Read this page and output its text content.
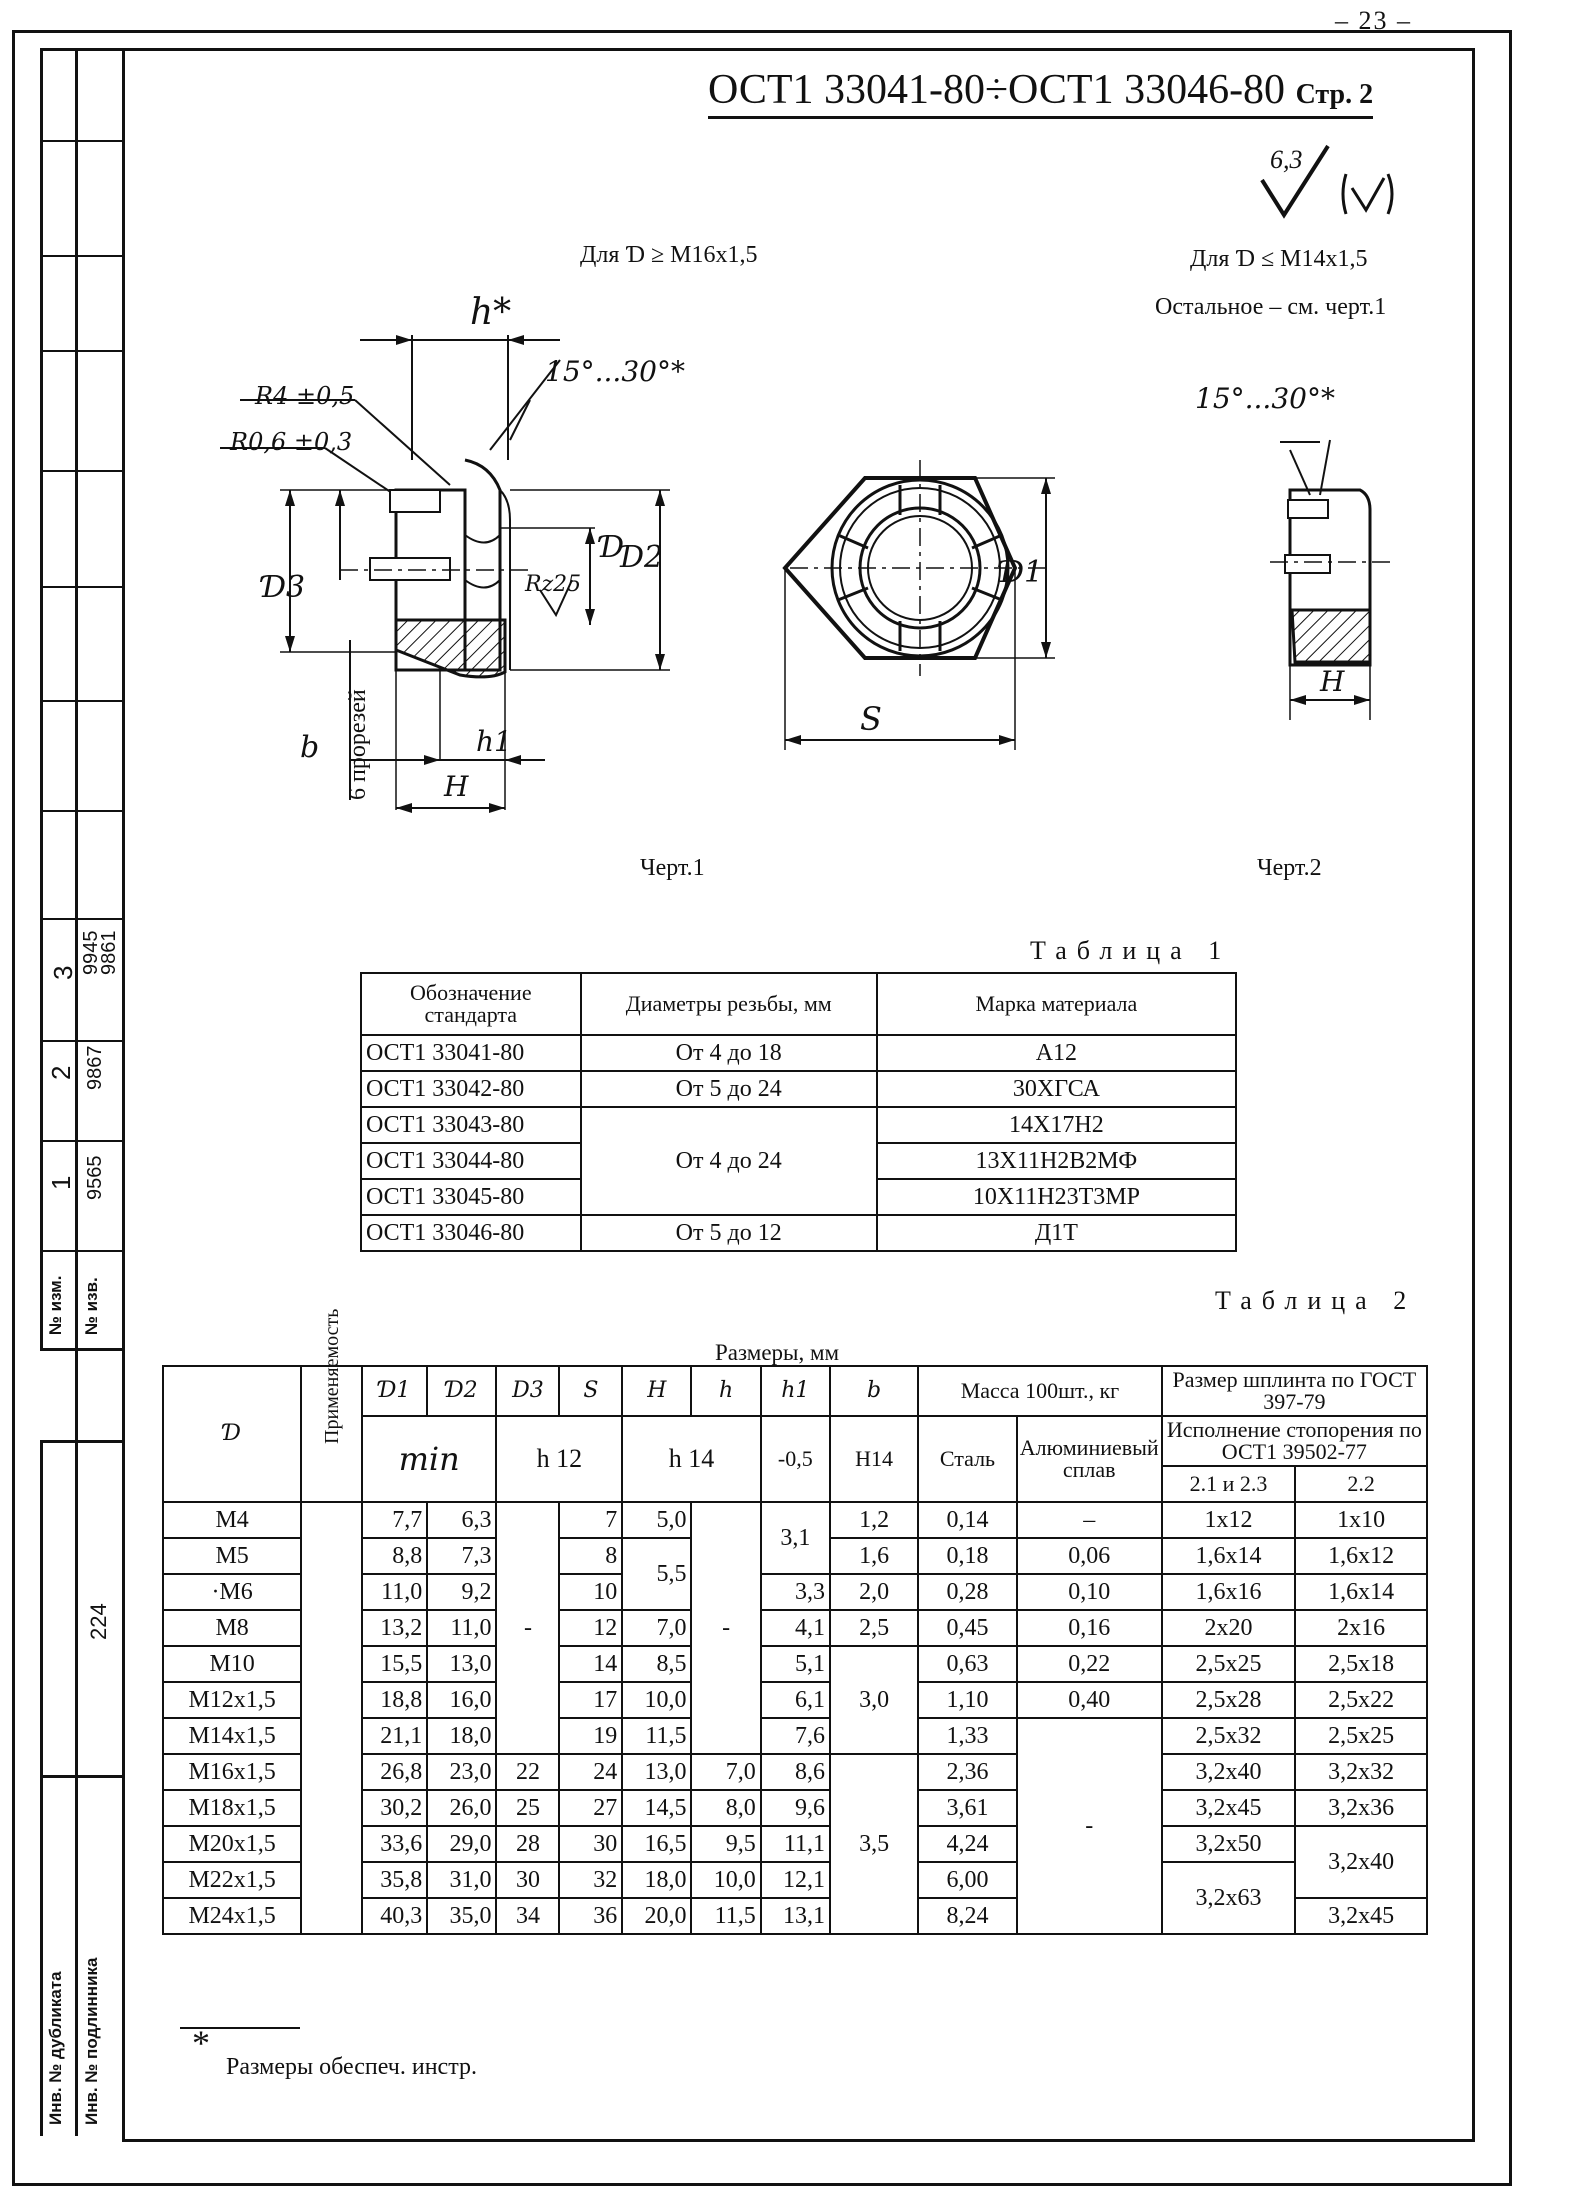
– 23 –
3
2
1
9945
9861
9867
9565
№ изм. № изв.
224
Инв. № дубликата Инв. № подлинника
ОСТ1 33041-80÷ОСТ1 33046-80 Стр. 2
6,3
Для Ɗ ≥ М16х1,5	Для Ɗ ≤ М14х1,5
Остальное – см. черт.1
h*
15°...30°*
R4 ±0,5
R0,6 ±0,3
Rz25
Ɗ3
Ɗ
Ɗ2
b 6 прорезей	h1
H
Ɗ1
S
15°...30°*
H
Черт.1	Черт.2
Таблица 1
Обозначение стандарта	Диаметры резьбы, мм	Марка материала
ОСТ1 33041-80	От 4 до 18	А12
ОСТ1 33042-80	От 5 до 24	30ХГСА
ОСТ1 33043-80	От 4 до 24	14Х17Н2
ОСТ1 33044-80		13Х11Н2В2МФ
ОСТ1 33045-80		10Х11Н23Т3МР
ОСТ1 33046-80	От 5 до 12	Д1Т
Таблица 2
Размеры, мм
Ɗ	Применяемость	Ɗ1	Ɗ2	D3	S	H	h	h1	b	Масса 100шт., кг		Размер шплинта по ГОСТ 397-79	
		min		h 12		h 14				Сталь	Алюминиевый сплав	Исполнение стопорения по ОСТ1 39502-77	
								-0,5	H14				
												2.1 и 2.3	2.2
М4		7,7	6,3	-	7	5,0	-	3,1	1,2	0,14	–	1х12	1х10
М5		8,8	7,3		8	5,5			1,6	0,18	0,06	1,6х14	1,6х12
·М6		11,0	9,2		10			3,3	2,0	0,28	0,10	1,6х16	1,6х14
М8		13,2	11,0		12	7,0		4,1	2,5	0,45	0,16	2х20	2х16
М10		15,5	13,0		14	8,5		5,1	3,0	0,63	0,22	2,5х25	2,5х18
М12х1,5		18,8	16,0		17	10,0		6,1		1,10	0,40	2,5х28	2,5х22
М14х1,5		21,1	18,0		19	11,5		7,6		1,33	-	2,5х32	2,5х25
М16х1,5		26,8	23,0	22	24	13,0	7,0	8,6	3,5	2,36		3,2х40	3,2х32
М18х1,5		30,2	26,0	25	27	14,5	8,0	9,6		3,61		3,2х45	3,2х36
М20х1,5		33,6	29,0	28	30	16,5	9,5	11,1		4,24		3,2х50	3,2х40
М22х1,5		35,8	31,0	30	32	18,0	10,0	12,1		6,00		3,2х63	
М24х1,5		40,3	35,0	34	36	20,0	11,5	13,1		8,24			3,2х45
*
Размеры обеспеч. инстр.
